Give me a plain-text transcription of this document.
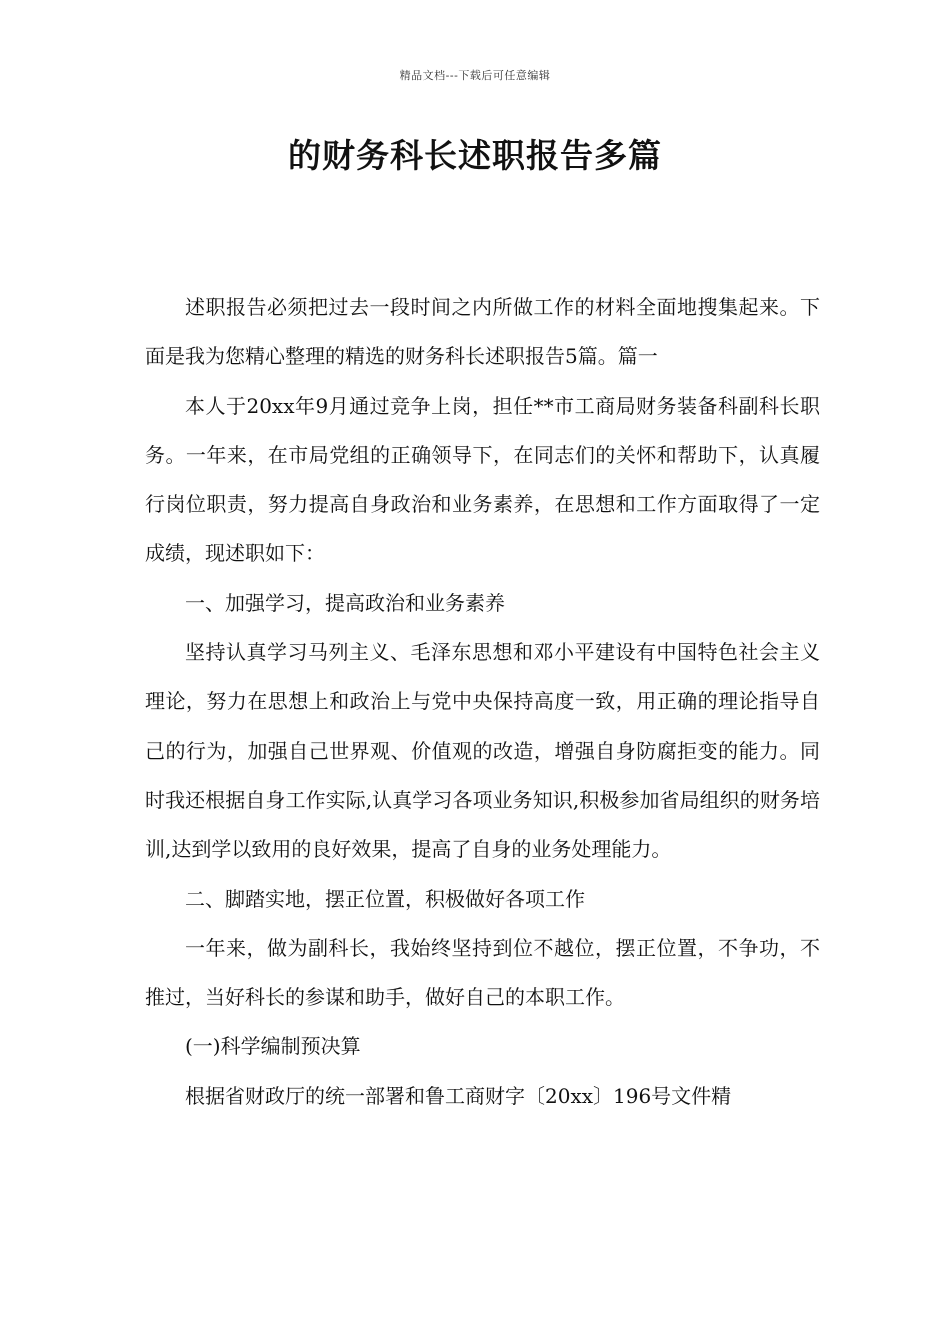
精品文档---下载后可任意编辑
的财务科长述职报告多篇

述职报告必须把过去一段时间之内所做工作的材料全面地搜集起来。下面是我为您精心整理的精选的财务科长述职报告5篇。篇一

本人于20xx年9月通过竞争上岗，担任**市工商局财务装备科副科长职务。一年来，在市局党组的正确领导下，在同志们的关怀和帮助下，认真履行岗位职责，努力提高自身政治和业务素养，在思想和工作方面取得了一定成绩，现述职如下：

一、加强学习，提高政治和业务素养

坚持认真学习马列主义、毛泽东思想和邓小平建设有中国特色社会主义理论，努力在思想上和政治上与党中央保持高度一致，用正确的理论指导自己的行为，加强自己世界观、价值观的改造，增强自身防腐拒变的能力。同时我还根据自身工作实际,认真学习各项业务知识,积极参加省局组织的财务培训,达到学以致用的良好效果，提高了自身的业务处理能力。

二、脚踏实地，摆正位置，积极做好各项工作

一年来，做为副科长，我始终坚持到位不越位，摆正位置，不争功，不推过，当好科长的参谋和助手，做好自己的本职工作。

(一)科学编制预决算

根据省财政厅的统一部署和鲁工商财字〔20xx〕196号文件精
